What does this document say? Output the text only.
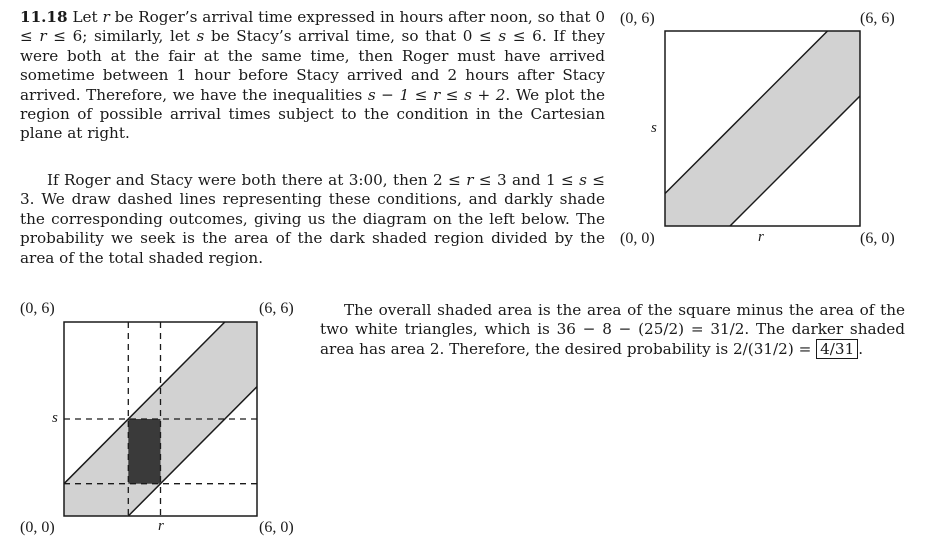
11.18 Let r be Roger’s arrival time expressed in hours after noon, so that 0 ≤ r ≤ 6; similarly, let s be Stacy’s arrival time, so that 0 ≤ s ≤ 6. If they were both at the fair at the same time, then Roger must have arrived sometime between 1 hour before Stacy arrived and 2 hours after Stacy arrived. Therefore, we have the inequalities s − 1 ≤ r ≤ s + 2. We plot the region of possible arrival times subject to the condition in the Cartesian plane at right.

If Roger and Stacy were both there at 3:00, then 2 ≤ r ≤ 3 and 1 ≤ s ≤ 3. We draw dashed lines representing these conditions, and darkly shade the corresponding outcomes, giving us the diagram on the left below. The probability we seek is the area of the dark shaded region divided by the area of the total shaded region.

The overall shaded area is the area of the square minus the area of the two white triangles, which is 36 − 8 − (25/2) = 31/2. The darker shaded area has area 2. Therefore, the desired probability is 2/(31/2) = 4/31 .

(0, 6)	(6, 6)
(0, 0)	(6, 0)
s
r
(0, 6)	(6, 6)
(0, 0)	(6, 0)
s
r
